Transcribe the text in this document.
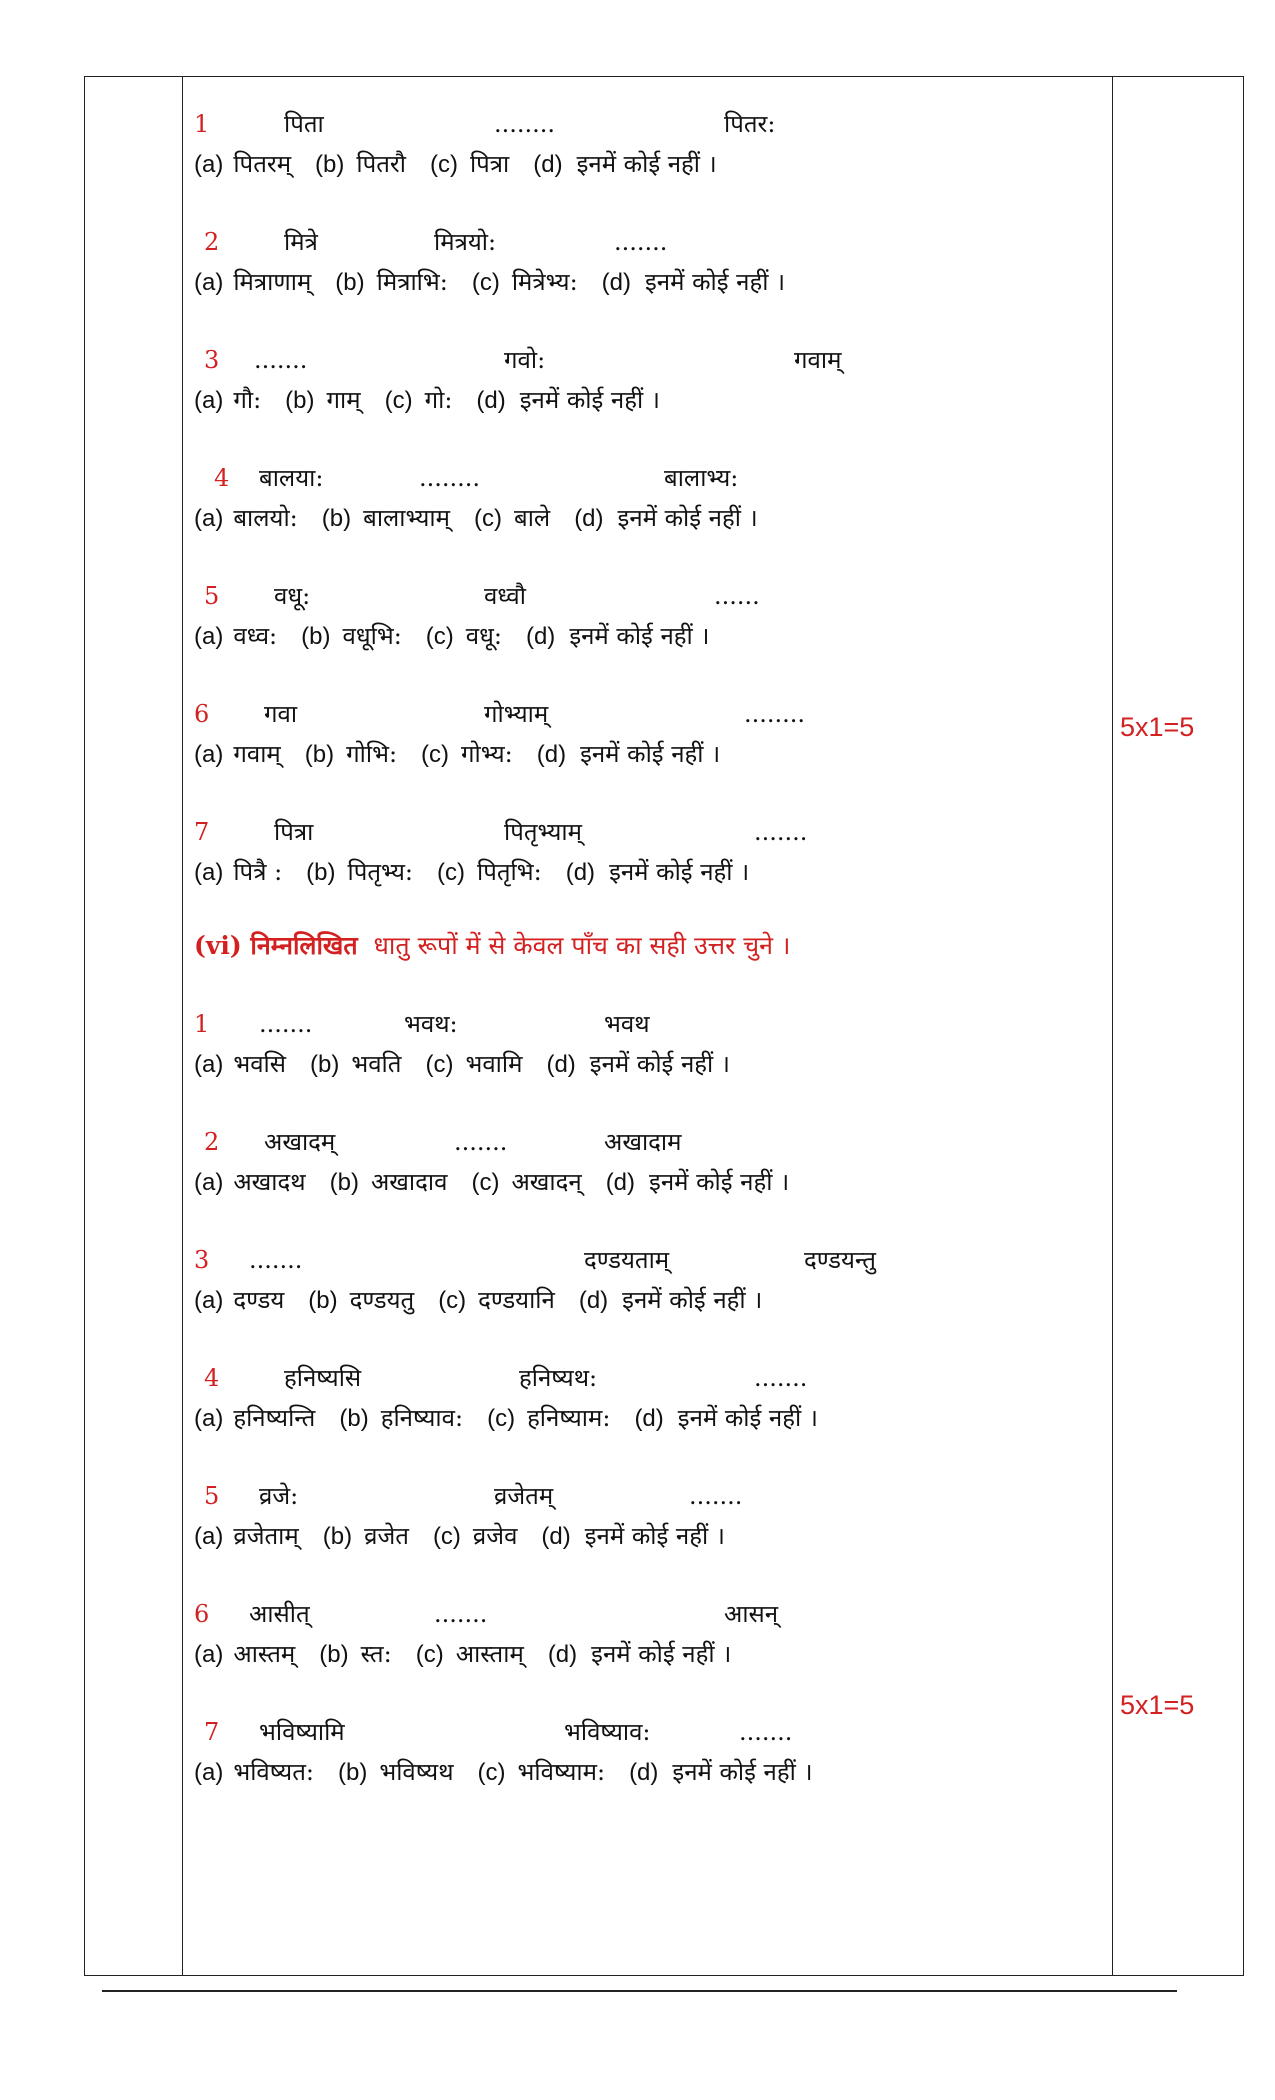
1	पिता	........	पितर:
(a) पितरम् (b) पितरौ (c) पित्रा (d) इनमें कोई नहीं ।
2	मित्रे	मित्रयो:	.......
(a) मित्राणाम् (b) मित्राभि: (c) मित्रेभ्य: (d) इनमें कोई नहीं ।
3 .......	गवो:	गवाम्
(a) गौ: (b) गाम् (c) गो: (d) इनमें कोई नहीं ।
4 बालया:	........	बालाभ्य:
(a) बालयो: (b) बालाभ्याम् (c) बाले (d) इनमें कोई नहीं ।
5 वधू:	वध्वौ	......
(a) वध्व: (b) वधूभि: (c) वधू: (d) इनमें कोई नहीं ।
6 गवा	गोभ्याम्	........
(a) गवाम् (b) गोभि: (c) गोभ्य: (d) इनमें कोई नहीं ।
7	पित्रा	पितृभ्याम्	.......
(a) पित्रै : (b) पितृभ्य: (c) पितृभि: (d) इनमें कोई नहीं ।
(vi) निम्नलिखित धातु रूपों में से केवल पाँच का सही उत्तर चुने ।
1 .......	भवथ:	भवथ
(a) भवसि (b) भवति (c) भवामि (d) इनमें कोई नहीं ।
2 अखादम्	.......	अखादाम
(a) अखादथ (b) अखादाव (c) अखादन् (d) इनमें कोई नहीं ।
3 .......	दण्डयताम्	दण्डयन्तु
(a) दण्डय (b) दण्डयतु (c) दण्डयानि (d) इनमें कोई नहीं ।
4	हनिष्यसि	हनिष्यथ:	.......
(a) हनिष्यन्ति (b) हनिष्याव: (c) हनिष्याम: (d) इनमें कोई नहीं ।
5 व्रजे:	व्रजेतम्	.......
(a) व्रजेताम् (b) व्रजेत (c) व्रजेव (d) इनमें कोई नहीं ।
6 आसीत्	.......	आसन्
(a) आस्तम् (b) स्त: (c) आस्ताम् (d) इनमें कोई नहीं ।
7 भविष्यामि	भविष्याव:	.......
(a) भविष्यत: (b) भविष्यथ (c) भविष्याम: (d) इनमें कोई नहीं ।
5x1=5
5x1=5
